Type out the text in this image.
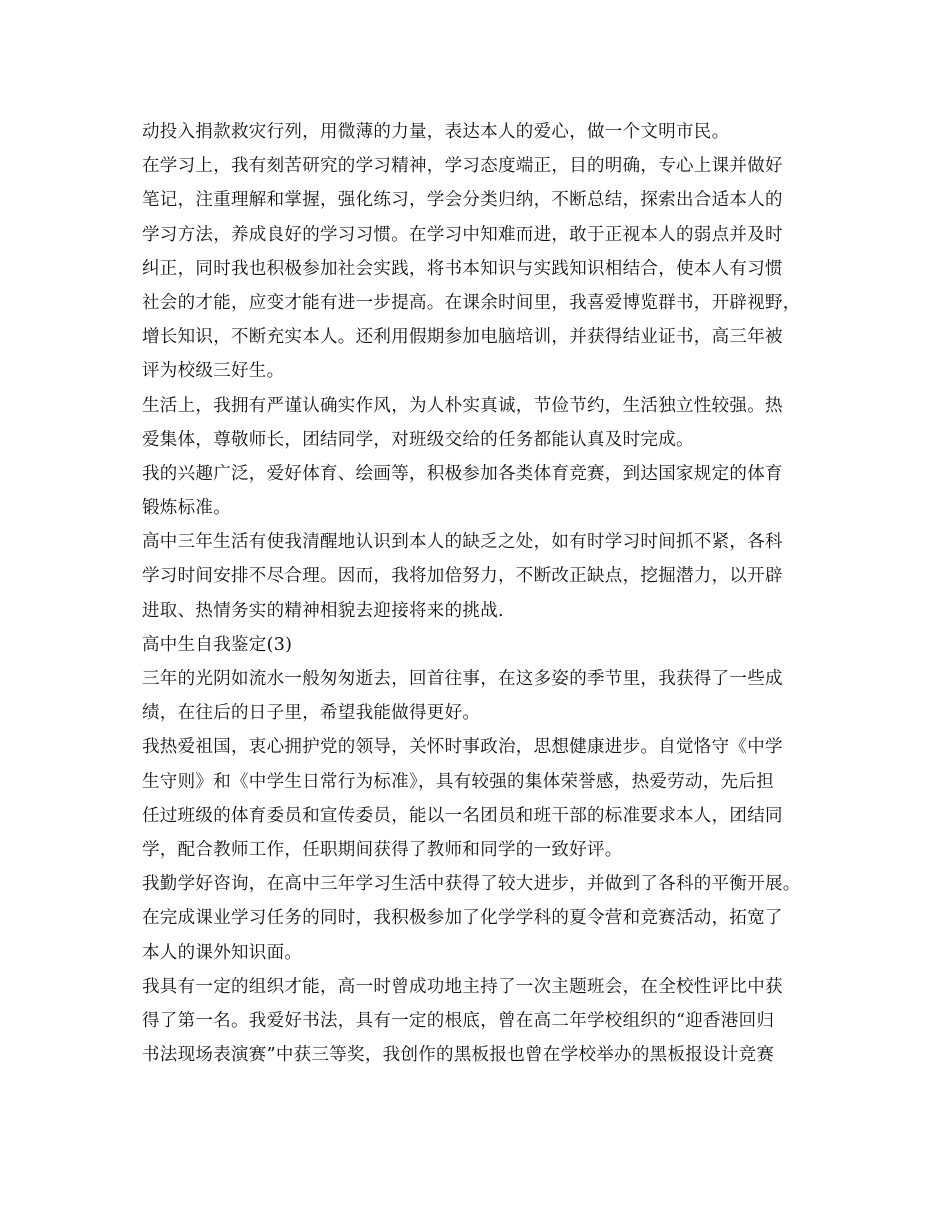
动投入捐款救灾行列，用微薄的力量，表达本人的爱心，做一个文明市民。
在学习上，我有刻苦研究的学习精神，学习态度端正，目的明确，专心上课并做好
笔记，注重理解和掌握，强化练习，学会分类归纳，不断总结，探索出合适本人的
学习方法，养成良好的学习习惯。在学习中知难而进，敢于正视本人的弱点并及时
纠正，同时我也积极参加社会实践，将书本知识与实践知识相结合，使本人有习惯
社会的才能，应变才能有进一步提高。在课余时间里，我喜爱博览群书，开辟视野，
增长知识，不断充实本人。还利用假期参加电脑培训，并获得结业证书，高三年被
评为校级三好生。
生活上，我拥有严谨认确实作风，为人朴实真诚，节俭节约，生活独立性较强。热
爱集体，尊敬师长，团结同学，对班级交给的任务都能认真及时完成。
我的兴趣广泛，爱好体育、绘画等，积极参加各类体育竞赛，到达国家规定的体育
锻炼标准。
高中三年生活有使我清醒地认识到本人的缺乏之处，如有时学习时间抓不紧，各科
学习时间安排不尽合理。因而，我将加倍努力，不断改正缺点，挖掘潜力，以开辟
进取、热情务实的精神相貌去迎接将来的挑战.
高中生自我鉴定(3)
三年的光阴如流水一般匆匆逝去，回首往事，在这多姿的季节里，我获得了一些成
绩，在往后的日子里，希望我能做得更好。
我热爱祖国，衷心拥护党的领导，关怀时事政治，思想健康进步。自觉恪守《中学
生守则》和《中学生日常行为标准》，具有较强的集体荣誉感，热爱劳动，先后担
任过班级的体育委员和宣传委员，能以一名团员和班干部的标准要求本人，团结同
学，配合教师工作，任职期间获得了教师和同学的一致好评。
我勤学好咨询，在高中三年学习生活中获得了较大进步，并做到了各科的平衡开展。
在完成课业学习任务的同时，我积极参加了化学学科的夏令营和竞赛活动，拓宽了
本人的课外知识面。
我具有一定的组织才能，高一时曾成功地主持了一次主题班会，在全校性评比中获
得了第一名。我爱好书法，具有一定的根底，曾在高二年学校组织的“迎香港回归
书法现场表演赛”中获三等奖，我创作的黑板报也曾在学校举办的黑板报设计竞赛
